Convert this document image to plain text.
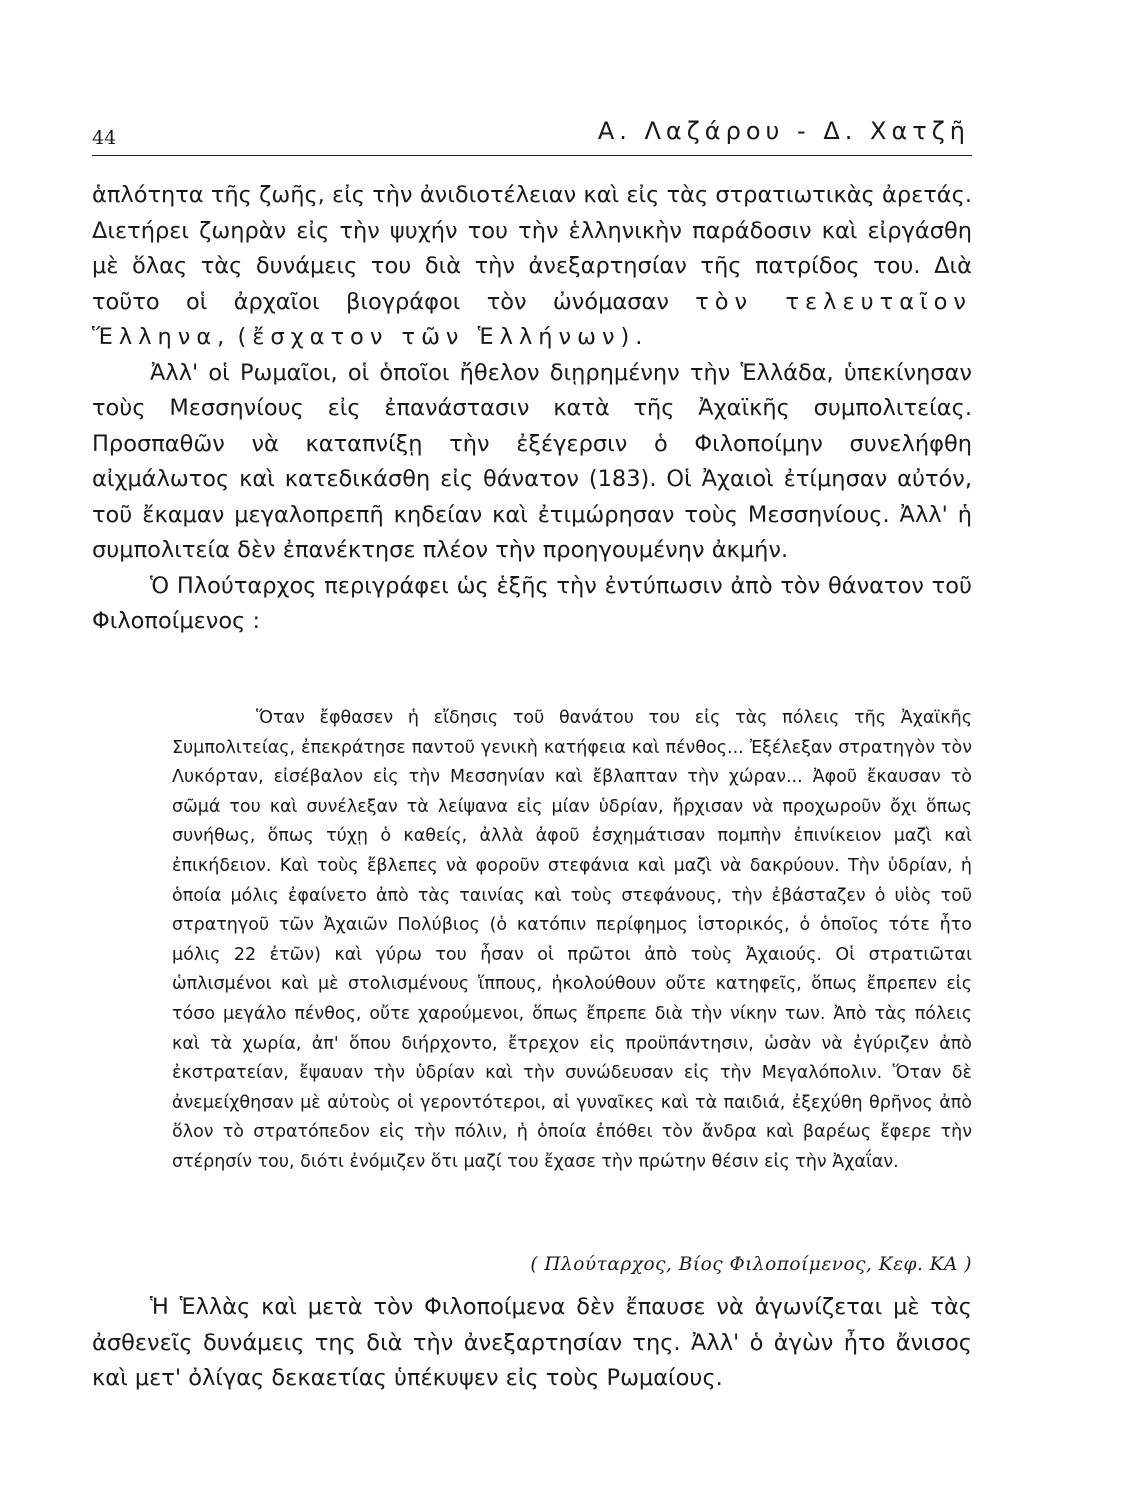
44	Α. Λαζάρου - Δ. Χατζῆ

ἁπλότητα τῆς ζωῆς, εἰς τὴν ἀνιδιοτέλειαν καὶ εἰς τὰς στρατιωτικὰς ἀρετάς. Διετήρει ζωηρὰν εἰς τὴν ψυχήν του τὴν ἑλληνικὴν παράδοσιν καὶ εἰργάσθη μὲ ὅλας τὰς δυνάμεις του διὰ τὴν ἀνεξαρτησίαν τῆς πατρίδος του. Διὰ τοῦτο οἱ ἀρχαῖοι βιογράφοι τὸν ὠνόμασαν τὸν τελευταῖον Ἕλληνα, (ἔσχατον τῶν Ἑλλήνων).

Ἀλλ' οἱ Ρωμαῖοι, οἱ ὁποῖοι ἤθελον διῃρημένην τὴν Ἑλλάδα, ὑπεκίνησαν τοὺς Μεσσηνίους εἰς ἐπανάστασιν κατὰ τῆς Ἀχαϊκῆς συμπολιτείας. Προσπαθῶν νὰ καταπνίξῃ τὴν ἐξέγερσιν ὁ Φιλοποίμην συνελήφθη αἰχμάλωτος καὶ κατεδικάσθη εἰς θάνατον (183). Οἱ Ἀχαιοὶ ἐτίμησαν αὐτόν, τοῦ ἔκαμαν μεγαλοπρεπῆ κηδείαν καὶ ἐτιμώρησαν τοὺς Μεσσηνίους. Ἀλλ' ἡ συμπολιτεία δὲν ἐπανέκτησε πλέον τὴν προηγουμένην ἀκμήν.

Ὁ Πλούταρχος περιγράφει ὡς ἑξῆς τὴν ἐντύπωσιν ἀπὸ τὸν θάνατον τοῦ Φιλοποίμενος :

Ὅταν ἔφθασεν ἡ εἴδησις τοῦ θανάτου του εἰς τὰς πόλεις τῆς Ἀχαϊκῆς Συμπολιτείας, ἐπεκράτησε παντοῦ γενικὴ κατήφεια καὶ πένθος... Ἐξέλεξαν στρατηγὸν τὸν Λυκόρταν, εἰσέβαλον εἰς τὴν Μεσσηνίαν καὶ ἔβλαπταν τὴν χώραν... Ἀφοῦ ἔκαυσαν τὸ σῶμά του καὶ συνέλεξαν τὰ λείψανα εἰς μίαν ὑδρίαν, ἤρχισαν νὰ προχωροῦν ὄχι ὅπως συνήθως, ὅπως τύχῃ ὁ καθείς, ἀλλὰ ἀφοῦ ἐσχημάτισαν πομπὴν ἐπινίκειον μαζὶ καὶ ἐπικήδειον. Καὶ τοὺς ἔβλεπες νὰ φοροῦν στεφάνια καὶ μαζὶ νὰ δακρύουν. Τὴν ὑδρίαν, ἡ ὁποία μόλις ἐφαίνετο ἀπὸ τὰς ταινίας καὶ τοὺς στεφάνους, τὴν ἐβάσταζεν ὁ υἱὸς τοῦ στρατηγοῦ τῶν Ἀχαιῶν Πολύβιος (ὁ κατόπιν περίφημος ἱστορικός, ὁ ὁποῖος τότε ἦτο μόλις 22 ἐτῶν) καὶ γύρω του ἦσαν οἱ πρῶτοι ἀπὸ τοὺς Ἀχαιούς. Οἱ στρατιῶται ὡπλισμένοι καὶ μὲ στολισμένους ἵππους, ἠκολούθουν οὔτε κατηφεῖς, ὅπως ἔπρεπεν εἰς τόσο μεγάλο πένθος, οὔτε χαρούμενοι, ὅπως ἔπρεπε διὰ τὴν νίκην των. Ἀπὸ τὰς πόλεις καὶ τὰ χωρία, ἀπ' ὅπου διήρχοντο, ἔτρεχον εἰς προϋπάντησιν, ὡσὰν νὰ ἐγύριζεν ἀπὸ ἐκστρατείαν, ἔψαυαν τὴν ὑδρίαν καὶ τὴν συνώδευσαν εἰς τὴν Μεγαλόπολιν. Ὅταν δὲ ἀνεμείχθησαν μὲ αὐτοὺς οἱ γεροντότεροι, αἱ γυναῖκες καὶ τὰ παιδιά, ἐξεχύθη θρῆνος ἀπὸ ὅλον τὸ στρατόπεδον εἰς τὴν πόλιν, ἡ ὁποία ἐπόθει τὸν ἄνδρα καὶ βαρέως ἔφερε τὴν στέρησίν του, διότι ἐνόμιζεν ὅτι μαζί του ἔχασε τὴν πρώτην θέσιν εἰς τὴν Ἀχαΐαν.

( Πλούταρχος, Βίος Φιλοποίμενος, Κεφ. ΚΑ )

Ἡ Ἑλλὰς καὶ μετὰ τὸν Φιλοποίμενα δὲν ἔπαυσε νὰ ἀγωνίζεται μὲ τὰς ἀσθενεῖς δυνάμεις της διὰ τὴν ἀνεξαρτησίαν της. Ἀλλ' ὁ ἀγὼν ἦτο ἄνισος καὶ μετ' ὀλίγας δεκαετίας ὑπέκυψεν εἰς τοὺς Ρωμαίους.
